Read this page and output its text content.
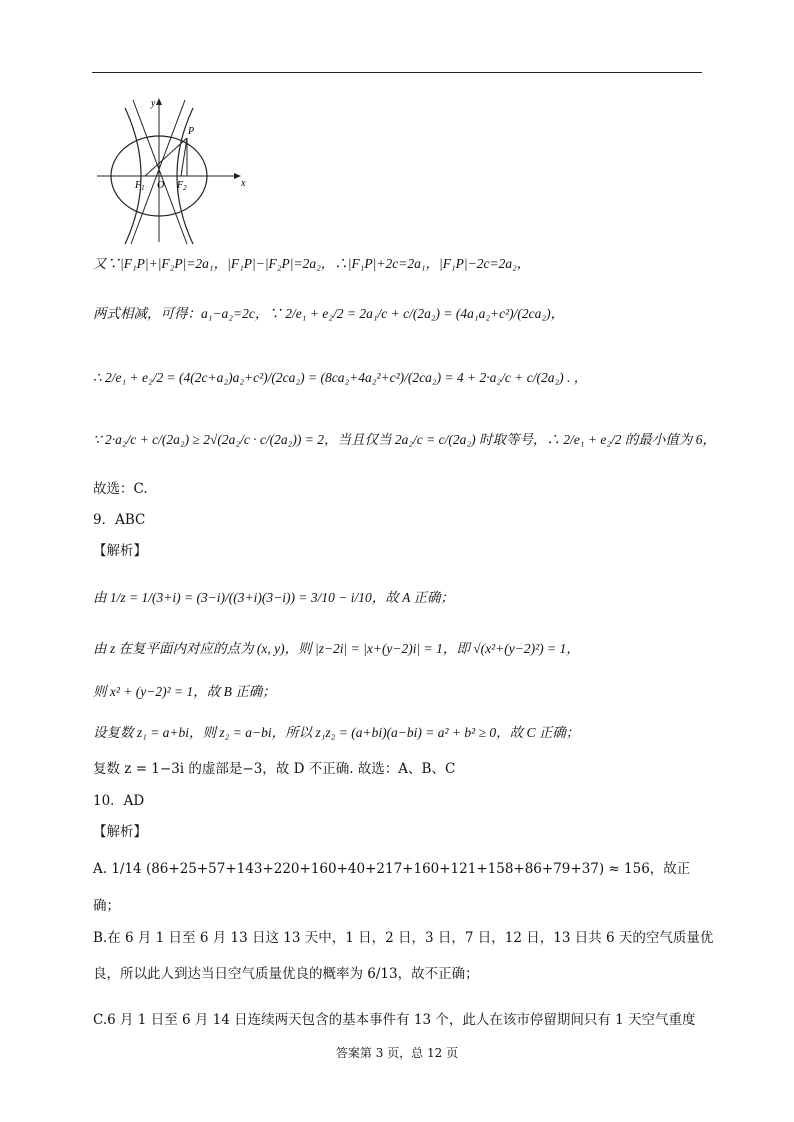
y
x
P
O
$F_1$	$F_2$
又∵|F₁P|+|F₂P|=2a₁，|F₁P|−|F₂P|=2a₂，∴|F₁P|+2c=2a₁，|F₁P|−2c=2a₂，
两式相减，可得：a₁−a₂=2c，∵ 2/e₁ + e₂/2 = 2a₁/c + c/(2a₂) = (4a₁a₂+c²)/(2ca₂)，
∴ 2/e₁ + e₂/2 = (4(2c+a₂)a₂+c²)/(2ca₂) = (8ca₂+4a₂²+c²)/(2ca₂) = 4 + 2·a₂/c + c/(2a₂) . ，
∵ 2·a₂/c + c/(2a₂) ≥ 2√(2a₂/c · c/(2a₂)) = 2，当且仅当 2a₂/c = c/(2a₂) 时取等号，∴ 2/e₁ + e₂/2 的最小值为 6，
故选：C.
9．ABC
【解析】
由 1/z = 1/(3+i) = (3−i)/((3+i)(3−i)) = 3/10 − i/10，故 A 正确；
由 z 在复平面内对应的点为 (x, y)，则 |z−2i| = |x+(y−2)i| = 1，即 √(x²+(y−2)²) = 1，
则 x² + (y−2)² = 1，故 B 正确；
设复数 z₁ = a+bi，则 z₂ = a−bi，所以 z₁z₂ = (a+bi)(a−bi) = a² + b² ≥ 0，故 C 正确；
复数 z = 1−3i 的虚部是−3，故 D 不正确. 故选：A、B、C
10．AD
【解析】
A. 1/14 (86+25+57+143+220+160+40+217+160+121+158+86+79+37) ≈ 156，故正
确；
B.在 6 月 1 日至 6 月 13 日这 13 天中，1 日，2 日，3 日，7 日，12 日，13 日共 6 天的空气质量优
良，所以此人到达当日空气质量优良的概率为 6/13，故不正确；
C.6 月 1 日至 6 月 14 日连续两天包含的基本事件有 13 个，此人在该市停留期间只有 1 天空气重度
答案第 3 页，总 12 页
